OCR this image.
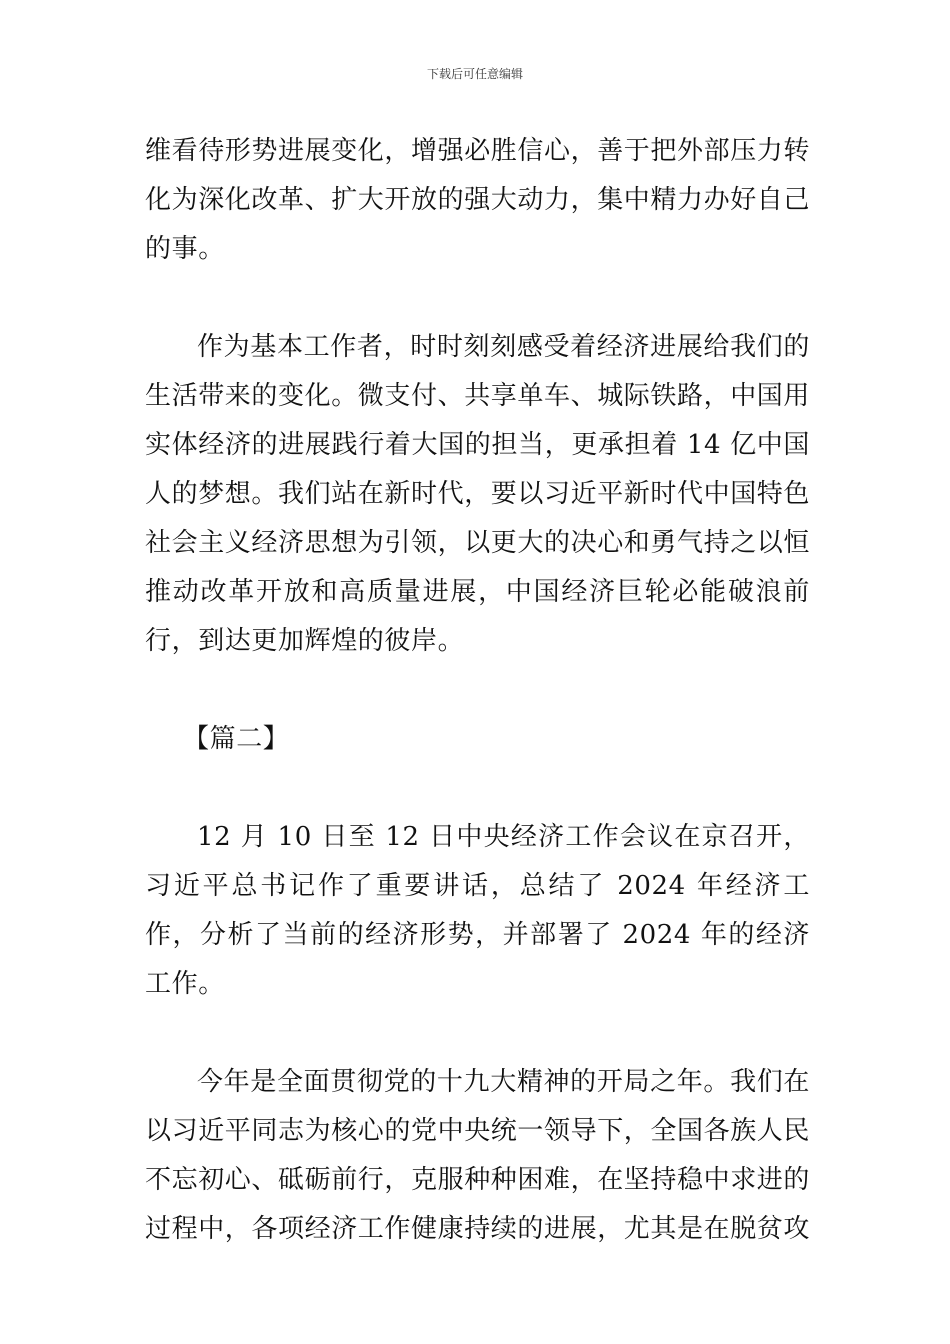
下载后可任意编辑

维看待形势进展变化，增强必胜信心，善于把外部压力转化为深化改革、扩大开放的强大动力，集中精力办好自己的事。

作为基本工作者，时时刻刻感受着经济进展给我们的生活带来的变化。微支付、共享单车、城际铁路，中国用实体经济的进展践行着大国的担当，更承担着 14 亿中国人的梦想。我们站在新时代，要以习近平新时代中国特色社会主义经济思想为引领，以更大的决心和勇气持之以恒推动改革开放和高质量进展，中国经济巨轮必能破浪前行，到达更加辉煌的彼岸。

【篇二】

12 月 10 日至 12 日中央经济工作会议在京召开，习近平总书记作了重要讲话，总结了 2024 年经济工作，分析了当前的经济形势，并部署了 2024 年的经济工作。

今年是全面贯彻党的十九大精神的开局之年。我们在以习近平同志为核心的党中央统一领导下，全国各族人民不忘初心、砥砺前行，克服种种困难，在坚持稳中求进的过程中，各项经济工作健康持续的进展，尤其是在脱贫攻
